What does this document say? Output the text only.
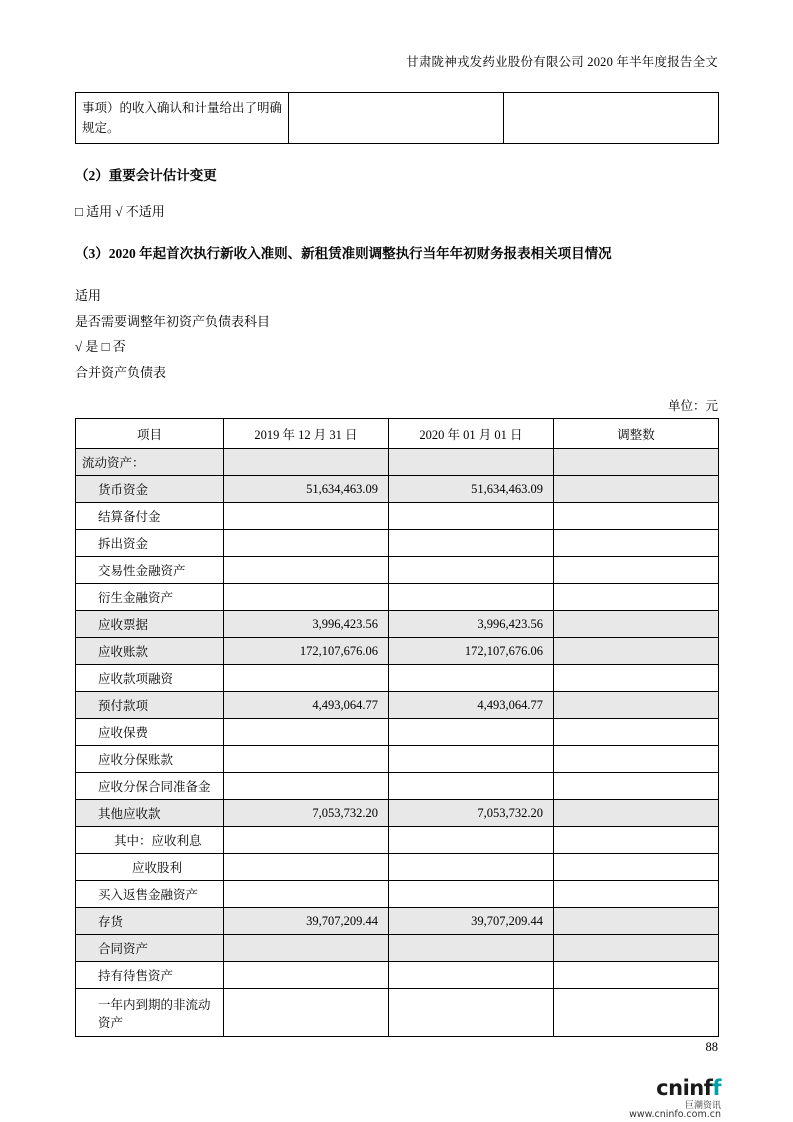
甘肃陇神戎发药业股份有限公司 2020 年半年度报告全文
事项）的收入确认和计量给出了明确规定。		
（2）重要会计估计变更
□ 适用 √ 不适用
（3）2020 年起首次执行新收入准则、新租赁准则调整执行当年年初财务报表相关项目情况
适用
是否需要调整年初资产负债表科目
√ 是 □ 否
合并资产负债表
单位：元
项目	2019 年 12 月 31 日	2020 年 01 月 01 日	调整数
流动资产：			
货币资金	51,634,463.09	51,634,463.09	
结算备付金			
拆出资金			
交易性金融资产			
衍生金融资产			
应收票据	3,996,423.56	3,996,423.56	
应收账款	172,107,676.06	172,107,676.06	
应收款项融资			
预付款项	4,493,064.77	4,493,064.77	
应收保费			
应收分保账款			
应收分保合同准备金			
其他应收款	7,053,732.20	7,053,732.20	
其中：应收利息			
应收股利			
买入返售金融资产			
存货	39,707,209.44	39,707,209.44	
合同资产			
持有待售资产			
一年内到期的非流动资产			
88
cninff
巨潮资讯
www.cninfo.com.cn
